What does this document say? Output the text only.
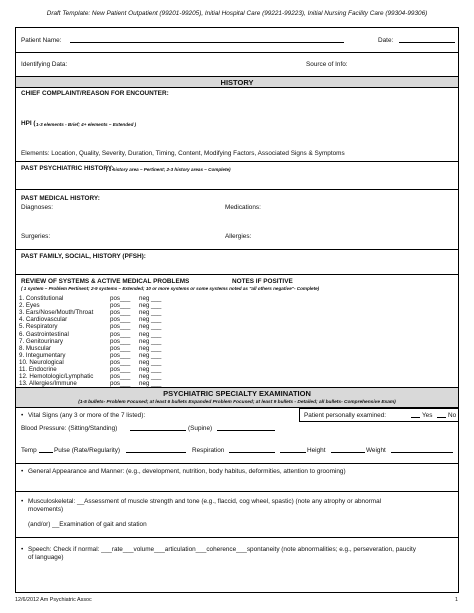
Draft Template: New Patient Outpatient (99201-99205), Initial Hospital Care (99221-99223), Initial Nursing Facility Care (99304-99306)
Patient Name:	Date:
Identifying Data:	Source of Info:
HISTORY
CHIEF COMPLAINT/REASON FOR ENCOUNTER:
HPI ( 1-3 elements - Brief; 4+ elements – Extended )
Elements: Location, Quality, Severity, Duration, Timing, Content, Modifying Factors, Associated Signs & Symptoms
PAST PSYCHIATRIC HISTORY:
( 1 history area – Pertinent; 2-3 history areas – Complete)
PAST MEDICAL HISTORY:
Diagnoses:	Medications:
Surgeries:	Allergies:
PAST FAMILY, SOCIAL, HISTORY (PFSH):
REVIEW OF SYSTEMS & ACTIVE MEDICAL PROBLEMS	NOTES IF POSITIVE
( 1 system – Problem Pertinent; 2-9 systems – Extended; 10 or more systems or some systems noted as "all others negative"- Complete)
1. Constitutional	pos___ neg ___
2. Eyes	pos___ neg ___
3. Ears/Nose/Mouth/Throat	pos___ neg ___
4. Cardiovascular	pos___ neg ___
5. Respiratory	pos___ neg ___
6. Gastrointestinal	pos___ neg ___
7. Genitourinary	pos___ neg ___
8. Muscular	pos___ neg ___
9. Integumentary	pos___ neg ___
10. Neurological	pos___ neg ___
11. Endocrine	pos___ neg ___
12. Hemotologic/Lymphatic	pos___ neg ___
13. Allergies/Immune	pos___ neg ___
PSYCHIATRIC SPECIALTY EXAMINATION
(1-5 bullets- Problem Focused; at least 6 bullets Expanded Problem Focused; at least 9 bullets - Detailed; all bullets- Comprehensive Exam)
• Vital Signs (any 3 or more of the 7 listed):	Patient personally examined:	Yes No
Blood Pressure: (Sitting/Standing)	(Supine)
Temp	Pulse (Rate/Regularity)	Respiration	Height	Weight
• General Appearance and Manner: (e.g., development, nutrition, body habitus, deformities, attention to grooming)
• Musculoskeletal: __Assessment of muscle strength and tone (e.g., flaccid, cog wheel, spastic) (note any atrophy or abnormal
movements)
(and/or) __Examination of gait and station
• Speech: Check if normal: ___rate___volume___articulation___coherence___spontaneity (note abnormalities; e.g., perseveration, paucity
of language)
12/6/2012 Am Psychiatric Assoc	1
